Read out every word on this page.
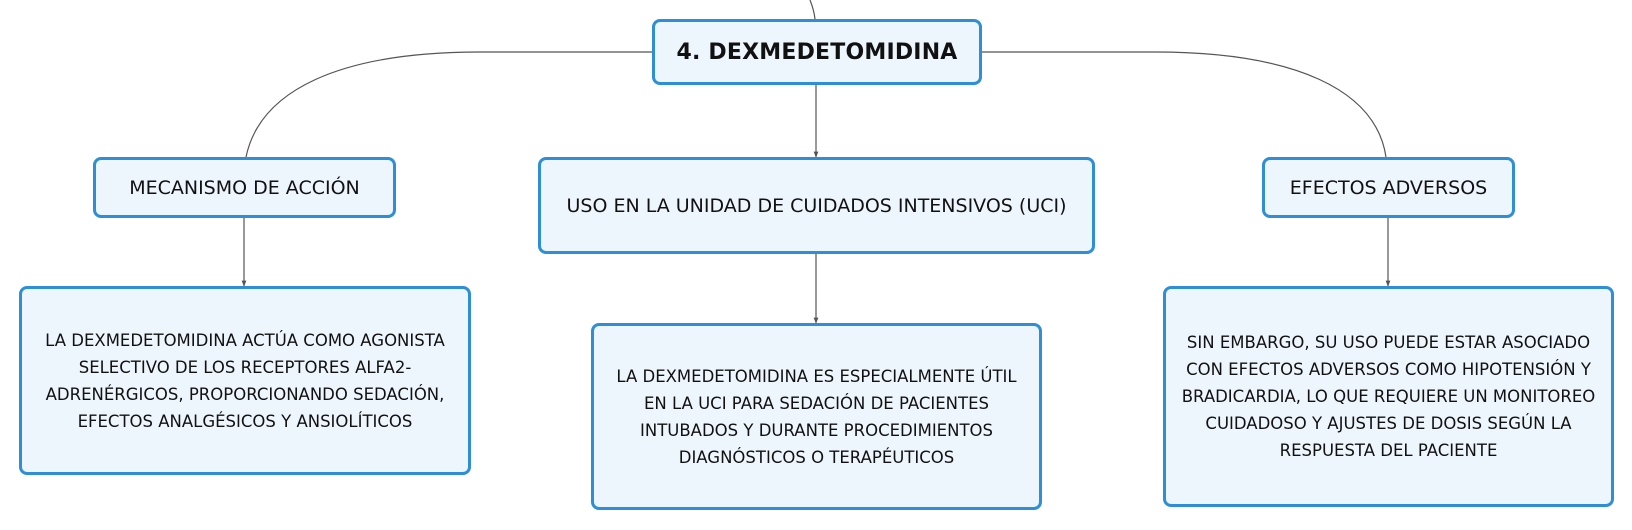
4. DEXMEDETOMIDINA
MECANISMO DE ACCIÓN
USO EN LA UNIDAD DE CUIDADOS INTENSIVOS (UCI)
EFECTOS ADVERSOS
LA DEXMEDETOMIDINA ACTÚA COMO AGONISTA SELECTIVO DE LOS RECEPTORES ALFA2-ADRENÉRGICOS, PROPORCIONANDO SEDACIÓN, EFECTOS ANALGÉSICOS Y ANSIOLÍTICOS
LA DEXMEDETOMIDINA ES ESPECIALMENTE ÚTIL EN LA UCI PARA SEDACIÓN DE PACIENTES INTUBADOS Y DURANTE PROCEDIMIENTOS DIAGNÓSTICOS O TERAPÉUTICOS
SIN EMBARGO, SU USO PUEDE ESTAR ASOCIADO CON EFECTOS ADVERSOS COMO HIPOTENSIÓN Y BRADICARDIA, LO QUE REQUIERE UN MONITOREO CUIDADOSO Y AJUSTES DE DOSIS SEGÚN LA RESPUESTA DEL PACIENTE
